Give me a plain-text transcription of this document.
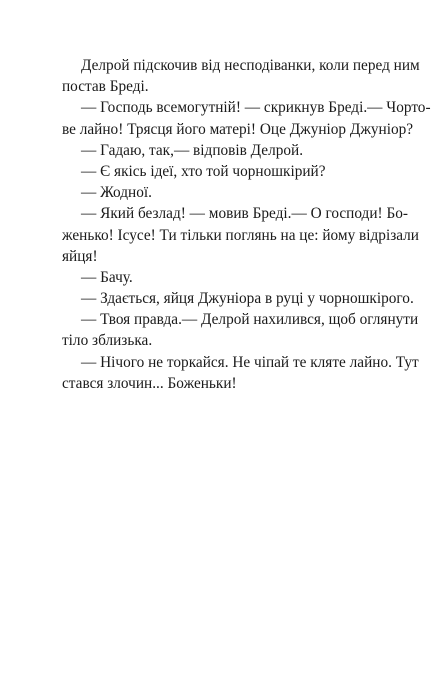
Делрой підскочив від несподіванки, коли перед ним
постав Бреді.
— Господь всемогутній! — скрикнув Бреді.— Чорто-
ве лайно! Трясця його матері! Оце Джуніор Джуніор?
— Гадаю, так,— відповів Делрой.
— Є якісь ідеї, хто той чорношкірий?
— Жодної.
— Який безлад! — мовив Бреді.— О господи! Бо-
женько! Ісусе! Ти тільки поглянь на це: йому відрізали
яйця!
— Бачу.
— Здається, яйця Джуніора в руці у чорношкірого.
— Твоя правда.— Делрой нахилився, щоб оглянути
тіло зблизька.
— Нічого не торкайся. Не чіпай те кляте лайно. Тут
стався злочин... Боженьки!
